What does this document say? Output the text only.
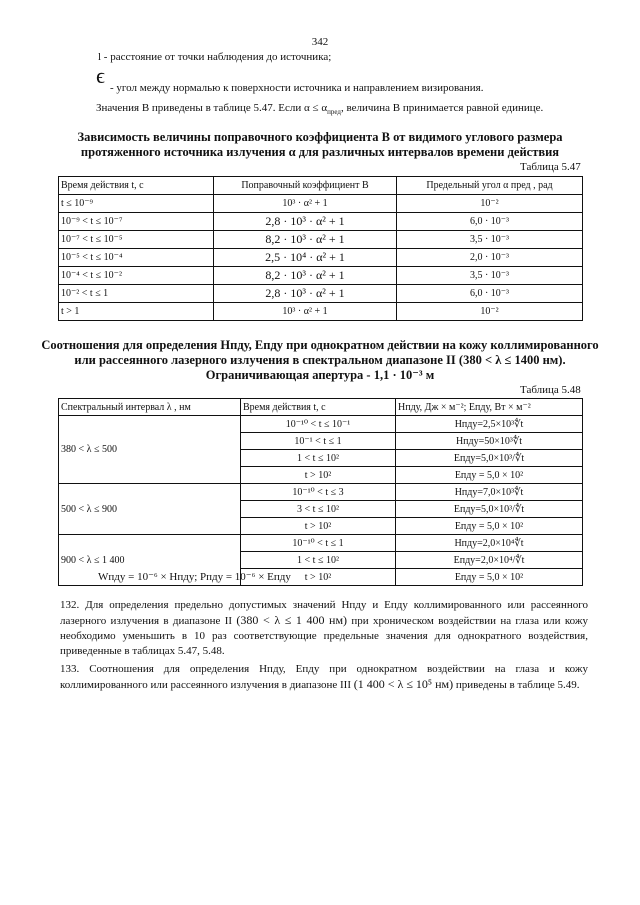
342
l - расстояние от точки наблюдения до источника;
ϵ - угол между нормалью к поверхности источника и направлением визирования.
Значения B приведены в таблице 5.47. Если $\alpha \le \alpha_{пред}$, величина B принимается равной единице.
Зависимость величины поправочного коэффициента B от видимого углового размера протяженного источника излучения α для различных интервалов времени действия
Таблица 5.47
Время действия t, с	Поправочный коэффициент B	Предельный угол α пред , рад
t ≤ 10⁻⁹	10³ · α² + 1	10⁻²
10⁻⁹ < t ≤ 10⁻⁷	2,8 · 10³ · α² + 1	6,0 · 10⁻³
10⁻⁷ < t ≤ 10⁻⁵	8,2 · 10³ · α² + 1	3,5 · 10⁻³
10⁻⁵ < t ≤ 10⁻⁴	2,5 · 10⁴ · α² + 1	2,0 · 10⁻³
10⁻⁴ < t ≤ 10⁻²	8,2 · 10³ · α² + 1	3,5 · 10⁻³
10⁻² < t ≤ 1	2,8 · 10³ · α² + 1	6,0 · 10⁻³
t > 1	10³ · α² + 1	10⁻²
Соотношения для определения Hпду, Eпду при однократном действии на кожу коллимированного или рассеянного лазерного излучения в спектральном диапазоне II (380 < λ ≤ 1400 нм). Ограничивающая апертура - 1,1 · 10⁻³ м
Таблица 5.48
Спектральный интервал λ , нм	Время действия t, с	Hпду, Дж × м⁻²; Eпду, Вт × м⁻²
380 < λ ≤ 500	10⁻¹⁰ < t ≤ 10⁻¹	Hпду=2,5×10³∜t
	10⁻¹ < t ≤ 1	Hпду=50×10³∜t
	1 < t ≤ 10²	Eпду=5,0×10³/∜t
	t > 10²	Eпду = 5,0 × 10²
500 < λ ≤ 900	10⁻¹⁰ < t ≤ 3	Hпду=7,0×10³∜t
	3 < t ≤ 10²	Eпду=5,0×10³/∜t
	t > 10²	Eпду = 5,0 × 10²
900 < λ ≤ 1 400	10⁻¹⁰ < t ≤ 1	Hпду=2,0×10⁴∜t
	1 < t ≤ 10²	Eпду=2,0×10⁴/∜t
	t > 10²	Eпду = 5,0 × 10²
Wпду = 10⁻⁶ × Hпду; Pпду = 10⁻⁶ × Eпду
132. Для определения предельно допустимых значений Hпду и Eпду коллимированного или рассеянного лазерного излучения в диапазоне II (380 < λ ≤ 1 400 нм) при хроническом воздействии на глаза или кожу необходимо уменьшить в 10 раз соответствующие предельные значения для однократного воздействия, приведенные в таблицах 5.47, 5.48.
133. Соотношения для определения Hпду, Eпду при однократном воздействии на глаза и кожу коллимированного или рассеянного излучения в диапазоне III (1 400 < λ ≤ 10⁵ нм) приведены в таблице 5.49.
